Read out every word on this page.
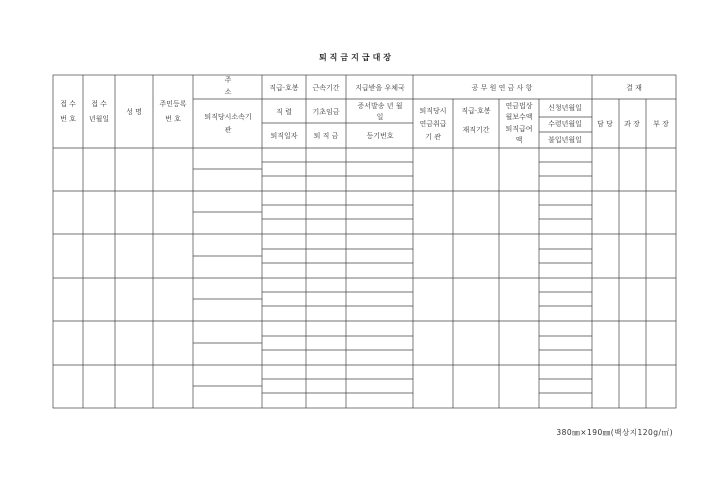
퇴직금지급대장
접 수
번 호
접 수
년월일
성 명
주민등록
번 호
주
소
퇴직당시소속기
관
직급·호봉
직 렬
퇴직일자
근속기간
기초임금
퇴 직 금
지급받을 우체국
증서발송 년 월
일
등기번호
공 무 원 연 금 사 항
퇴직당시
연금취급
기 관
직급·호봉
재직기간
연금법상
월보수액
퇴직급여
액
신청년월일
수령년월일
불입년월일
결 재
담 당 과 장 부 장
380㎜×190㎜(백상지120g/㎡)
